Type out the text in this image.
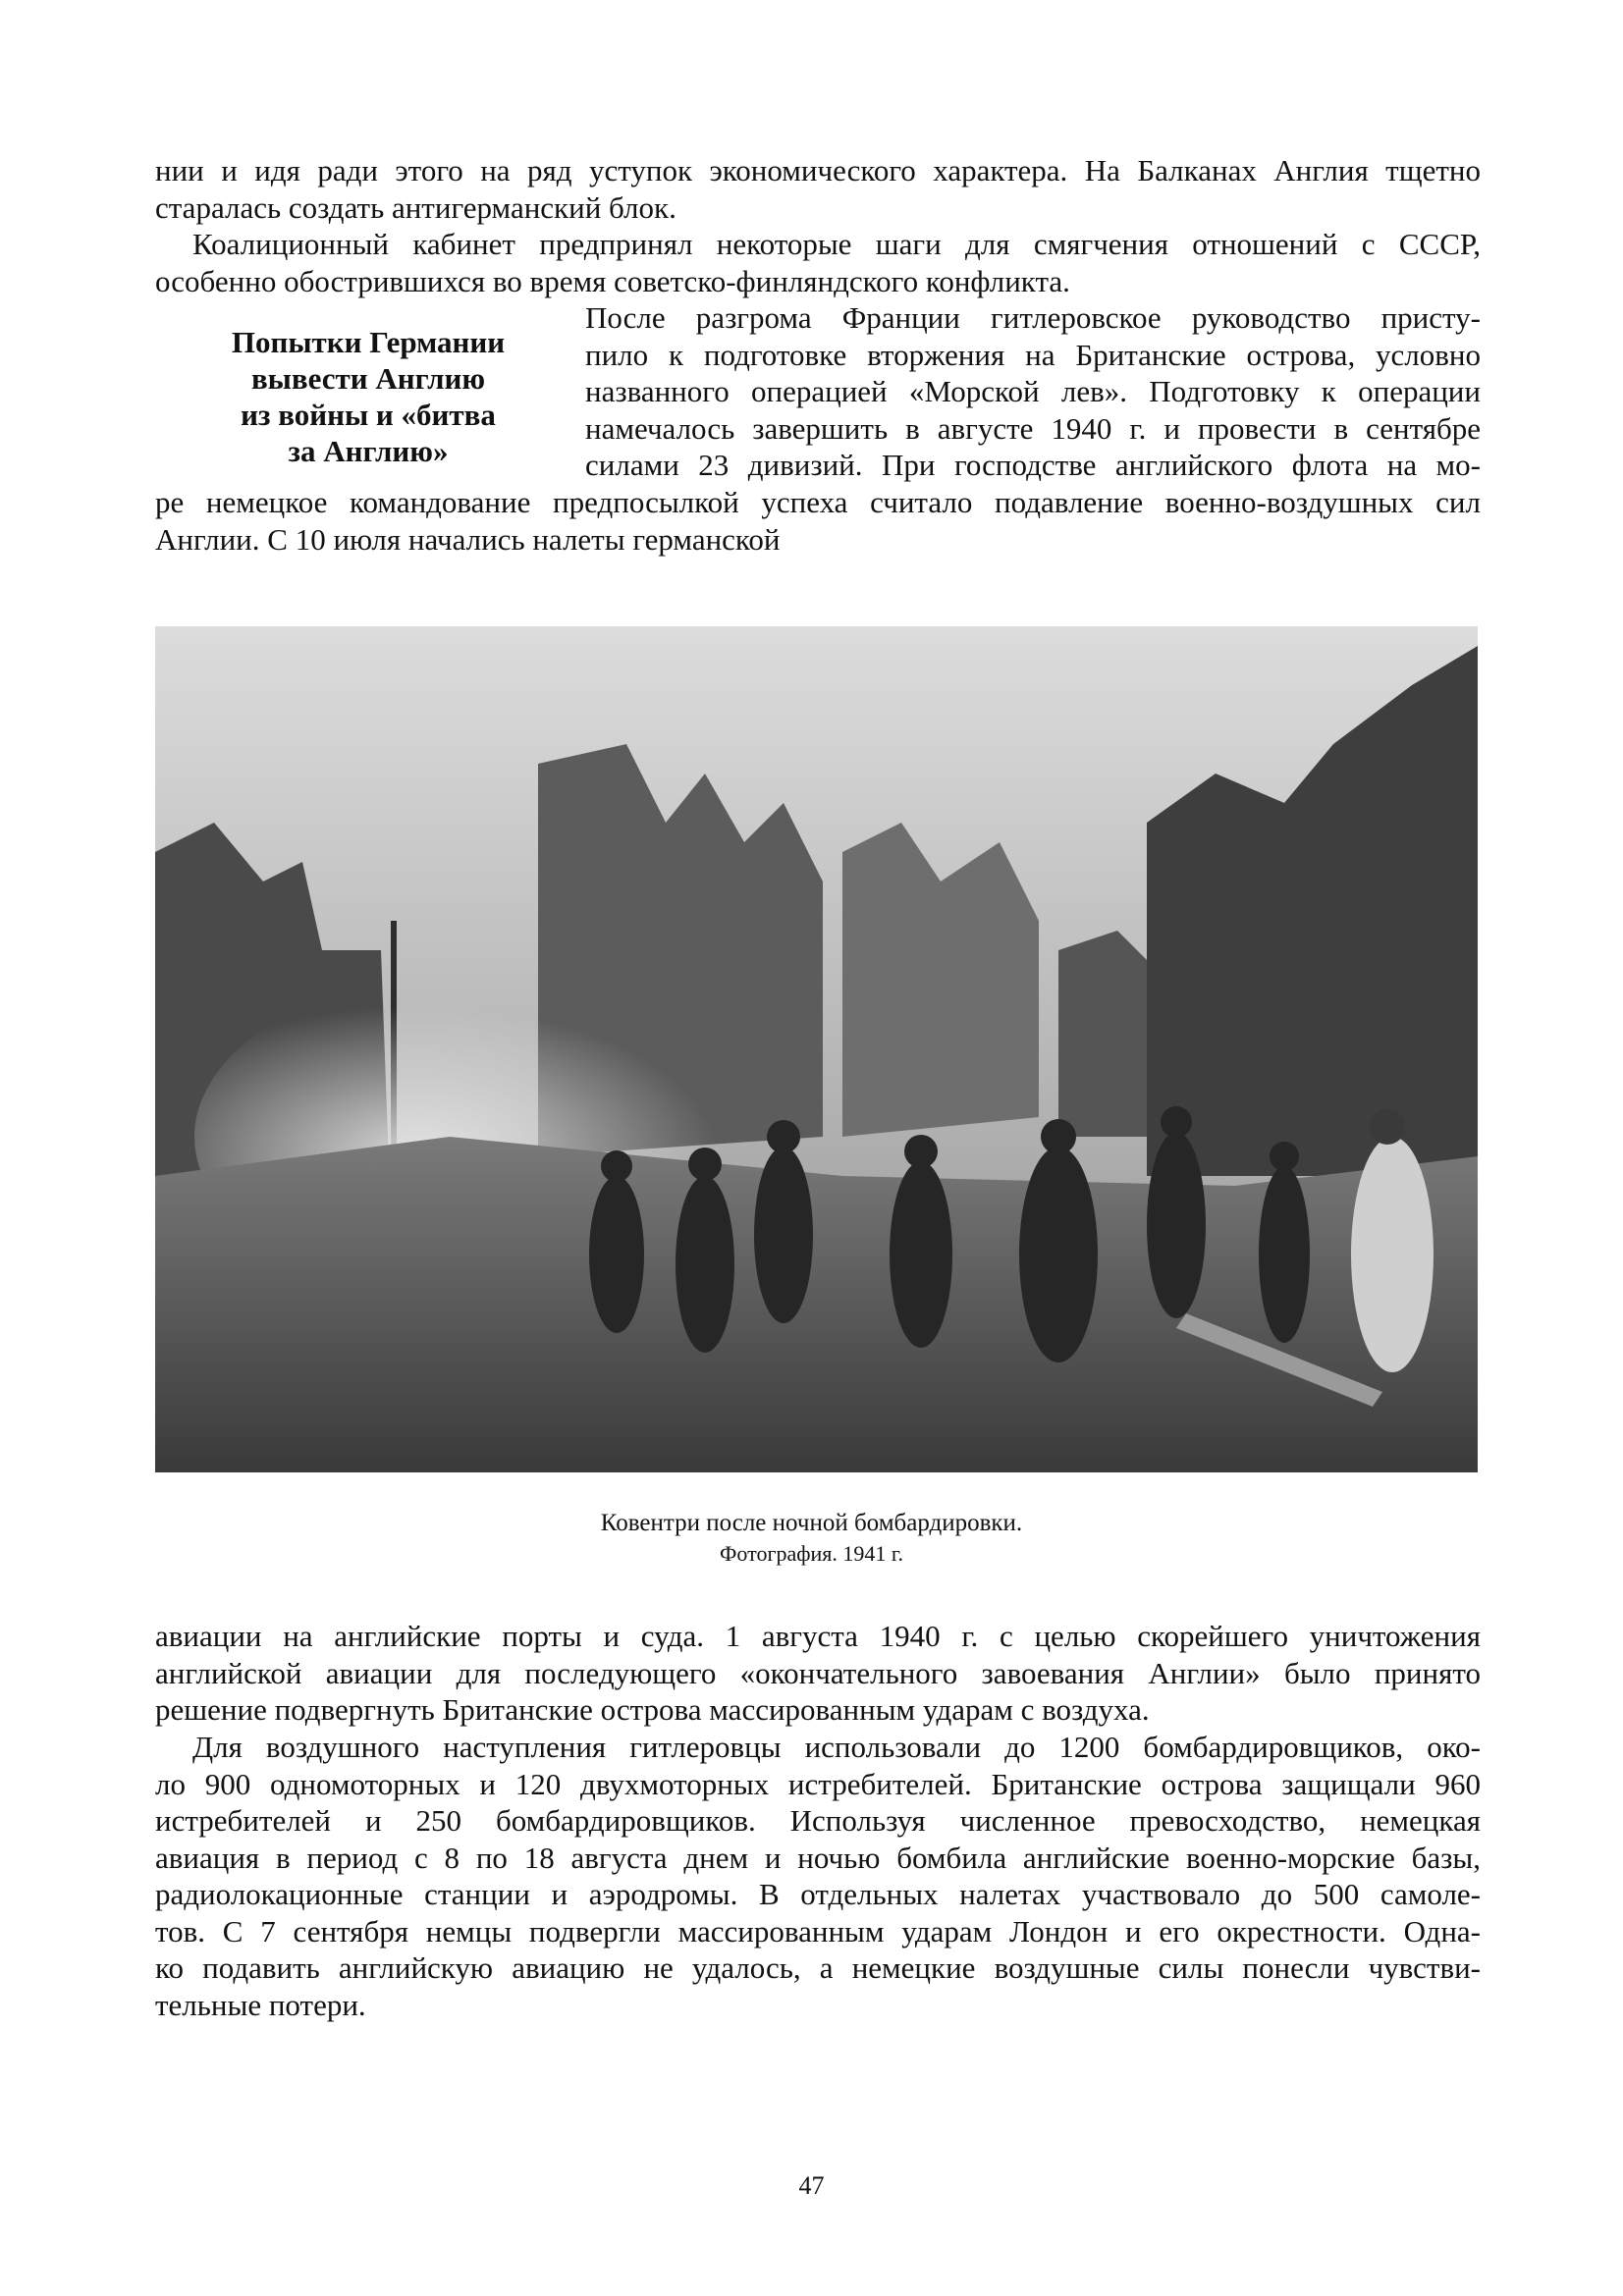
нии и идя ради этого на ряд уступок экономического характера. На Балканах Англия тщетно
старалась создать антигерманский блок.
Коалиционный кабинет предпринял некоторые шаги для смягчения отношений с СССР,
особенно обострившихся во время советско-финляндского конфликта.
Попытки Германии
вывести Англию
из войны и «битва
за Англию»
После разгрома Франции гитлеровское руководство присту-
пило к подготовке вторжения на Британские острова, условно
названного операцией «Морской лев». Подготовку к операции
намечалось завершить в августе 1940 г. и провести в сентябре
силами 23 дивизий. При господстве английского флота на мо-
ре немецкое командование предпосылкой успеха считало подавление военно-воздушных сил
Англии. С 10 июля начались налеты германской
Ковентри после ночной бомбардировки.
Фотография. 1941 г.
авиации на английские порты и суда. 1 августа 1940 г. с целью скорейшего уничтожения
английской авиации для последующего «окончательного завоевания Англии» было принято
решение подвергнуть Британские острова массированным ударам с воздуха.
Для воздушного наступления гитлеровцы использовали до 1200 бомбардировщиков, око-
ло 900 одномоторных и 120 двухмоторных истребителей. Британские острова защищали 960
истребителей и 250 бомбардировщиков. Используя численное превосходство, немецкая
авиация в период с 8 по 18 августа днем и ночью бомбила английские военно-морские базы,
радиолокационные станции и аэродромы. В отдельных налетах участвовало до 500 самоле-
тов. С 7 сентября немцы подвергли массированным ударам Лондон и его окрестности. Одна-
ко подавить английскую авиацию не удалось, а немецкие воздушные силы понесли чувстви-
тельные потери.
47
